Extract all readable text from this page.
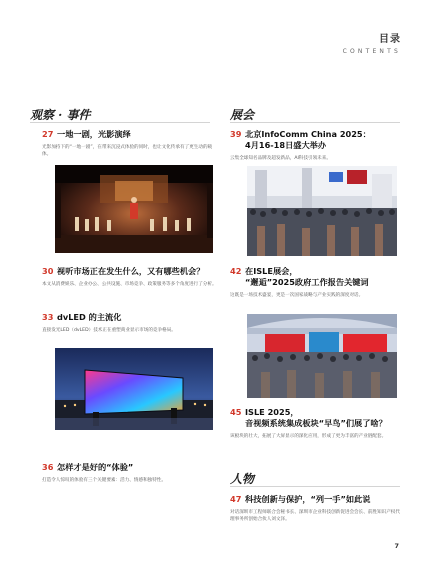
目录
CONTENTS
观察 · 事件	展会
人物
27 一地一剧，光影演绎
光影加持下的“一地一剧”，在带来沉浸式体验的同时，也让文化传承有了更生动的载体。
30 视听市场正在发生什么，又有哪些机会？
本文从消费娱乐、企业办公、公共设施、市场竞争、政策服务等多个角度进行了分析。
33 dvLED 的主流化
直接发光LED（dvLED）技术正在重塑商业显示市场的竞争格局。
36 怎样才是好的“体验”
打造令人惊叹的体验有三个关键要素：活力、情感和独特性。
39 北京InfoComm China 2025：
4月16-18日盛大举办
云集全球知名品牌及超发新品，AI科技引领未来。
42 在ISLE展会，
“邂逅”2025政府工作报告关键词
这既是一场技术盛宴，更是一次国家战略与产业实践的深度对话。
45 ISLE 2025，
音视频系统集成板块“早鸟”们展了啥？
该板块的壮大，拓展了大屏显示的深化应用，形成了更为丰富的产业链配套。
47 科技创新与保护，“列一手”如此说
对话深圳市工程师联合会秘书长、深圳市企业科技创新促进会会长、前胜知识产权代理事务所创始合伙人刘文泽。
7
